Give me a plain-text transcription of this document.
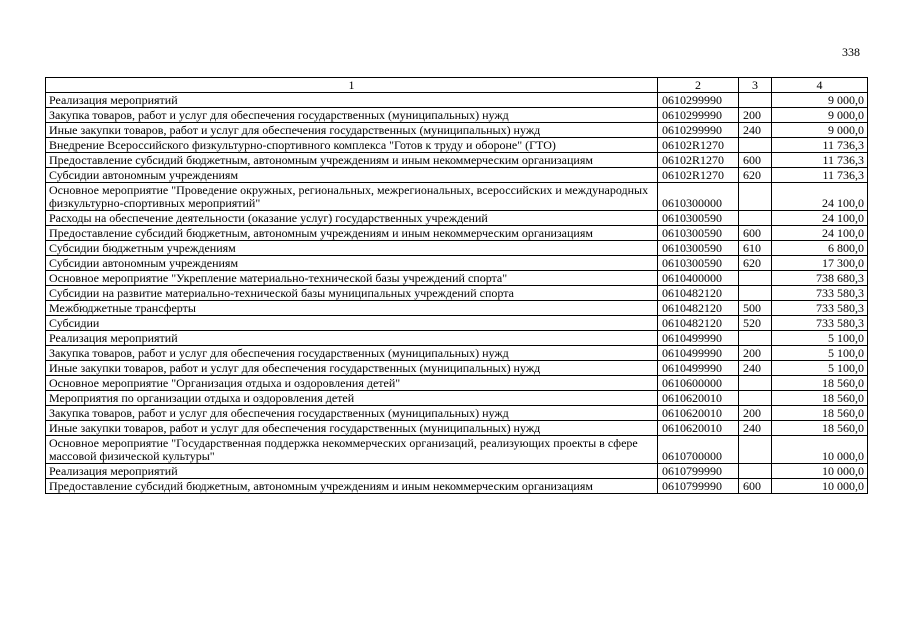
338
1	2	3	4
Реализация мероприятий	0610299990		9 000,0
Закупка товаров, работ и услуг для обеспечения государственных (муниципальных) нужд	0610299990	200	9 000,0
Иные закупки товаров, работ и услуг для обеспечения государственных (муниципальных) нужд	0610299990	240	9 000,0
Внедрение Всероссийского физкультурно-спортивного комплекса "Готов к труду и обороне" (ГТО)	06102R1270		11 736,3
Предоставление субсидий бюджетным, автономным учреждениям и иным некоммерческим организациям	06102R1270	600	11 736,3
Субсидии автономным учреждениям	06102R1270	620	11 736,3
Основное мероприятие "Проведение окружных, региональных, межрегиональных, всероссийских и международных физкультурно-спортивных мероприятий"	0610300000		24 100,0
Расходы на обеспечение деятельности (оказание услуг) государственных учреждений	0610300590		24 100,0
Предоставление субсидий бюджетным, автономным учреждениям и иным некоммерческим организациям	0610300590	600	24 100,0
Субсидии бюджетным учреждениям	0610300590	610	6 800,0
Субсидии автономным учреждениям	0610300590	620	17 300,0
Основное мероприятие "Укрепление материально-технической базы учреждений спорта"	0610400000		738 680,3
Субсидии на развитие материально-технической базы муниципальных учреждений спорта	0610482120		733 580,3
Межбюджетные трансферты	0610482120	500	733 580,3
Субсидии	0610482120	520	733 580,3
Реализация мероприятий	0610499990		5 100,0
Закупка товаров, работ и услуг для обеспечения государственных (муниципальных) нужд	0610499990	200	5 100,0
Иные закупки товаров, работ и услуг для обеспечения государственных (муниципальных) нужд	0610499990	240	5 100,0
Основное мероприятие "Организация отдыха и оздоровления детей"	0610600000		18 560,0
Мероприятия по организации отдыха и оздоровления детей	0610620010		18 560,0
Закупка товаров, работ и услуг для обеспечения государственных (муниципальных) нужд	0610620010	200	18 560,0
Иные закупки товаров, работ и услуг для обеспечения государственных (муниципальных) нужд	0610620010	240	18 560,0
Основное мероприятие "Государственная поддержка некоммерческих организаций, реализующих проекты в сфере массовой физической культуры"	0610700000		10 000,0
Реализация мероприятий	0610799990		10 000,0
Предоставление субсидий бюджетным, автономным учреждениям и иным некоммерческим организациям	0610799990	600	10 000,0
